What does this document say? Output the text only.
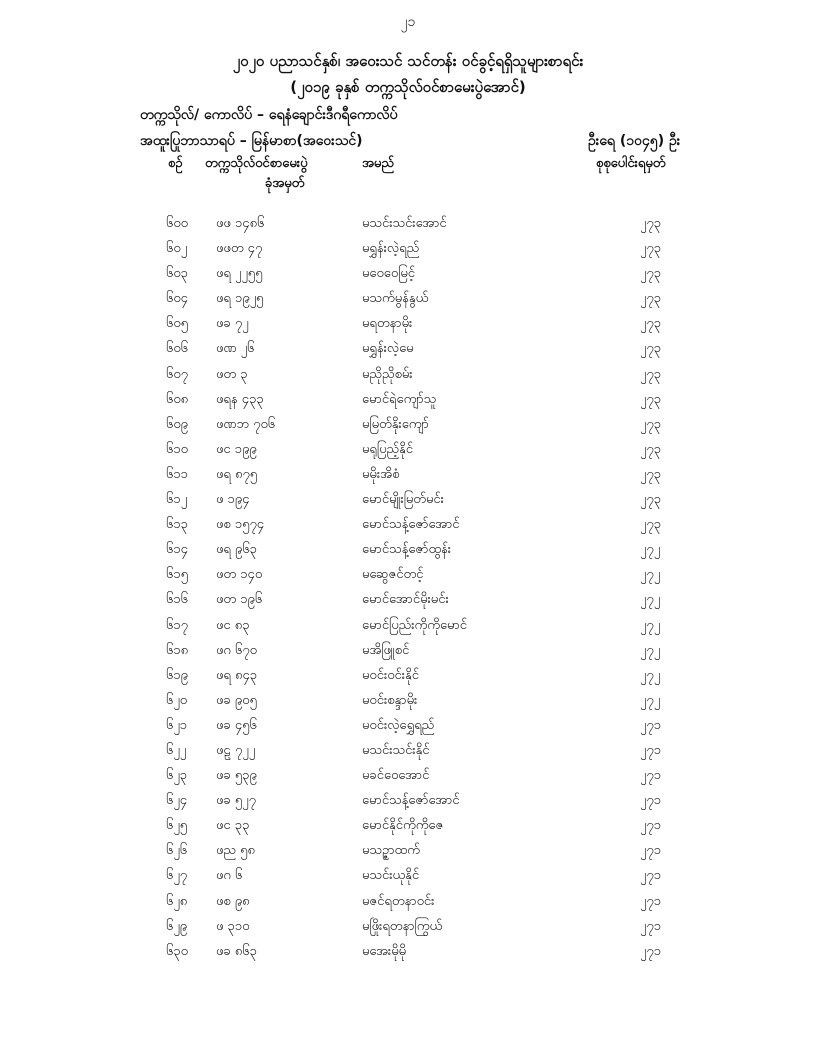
၂၁
၂၀၂၀ ပညာသင်နှစ်၊ အဝေးသင် သင်တန်း ဝင်ခွင့်ရရှိသူများစာရင်း
(၂၀၁၉ ခုနှစ် တက္ကသိုလ်ဝင်စာမေးပွဲအောင်)
တက္ကသိုလ်/ ကောလိပ် – ရေနံချောင်းဒီဂရီကောလိပ်
အထူးပြုဘာသာရပ် – မြန်မာစာ(အဝေးသင်)	ဦးရေ (၁၀၄၅) ဦး
စဉ် တက္ကသိုလ်ဝင်စာမေးပွဲ
ခုံအမှတ်
အမည်	စုစုပေါင်းရမှတ်
၆၀၀ ဖဖ ၁၄၈၆	မသင်းသင်းအောင်	၂၇၃
၆၀၂ ဖဖတ ၄၇	မရွှန်းလဲ့ရည်	၂၇၃
၆၀၃ ဖရ ၂၂၅၅	မဝေဝေမြင့်	၂၇၃
၆၀၄ ဖရ ၁၉၂၅	မသက်မွန်နွယ်	၂၇၃
၆၀၅ ဖခ ၇၂	မရတနာမိုး	၂၇၃
၆၀၆ ဖဏ ၂၆	မရွှန်းလဲ့မေ	၂၇၃
၆၀၇ ဖတ ၃	မညိုညိုစမ်း	၂၇၃
၆၀၈ ဖရန ၄၃၃	မောင်ရဲကျော်သူ	၂၇၃
၆၀၉ ဖဏဘ ၇၀၆	မမြတ်နိုးကျော်	၂၇၃
၆၁၀ ဖင ၁၉၉	မရုပြည့်နိုင်	၂၇၃
၆၁၁ ဖရ ၈၇၅	မမိုးအိစံ	၂၇၃
၆၁၂ ဖ ၁၉၄	မောင်မျိုးမြတ်မင်း	၂၇၃
၆၁၃ ဖစ ၁၅၇၄	မောင်သန့်ဇော်အောင်	၂၇၃
၆၁၄ ဖရ ၉၆၃	မောင်သန့်ဇော်ထွန်း	၂၇၂
၆၁၅ ဖတ ၁၄၀	မဆွေဇင်တင့်	၂၇၂
၆၁၆ ဖတ ၁၉၆	မောင်အောင်မိုးမင်း	၂၇၂
၆၁၇ ဖင ၈၃	မောင်ပြည်းကိုကိုမောင်	၂၇၂
၆၁၈ ဖဂ ၆၇၀	မအိဖြူစင်	၂၇၂
၆၁၉ ဖရ ၈၄၃	မဝင်းဝင်းနိုင်	၂၇၂
၆၂၀ ဖခ ၉၀၅	မဝင်းစန္ဒာမိုး	၂၇၂
၆၂၁ ဖခ ၄၅၆	မဝင်းလဲ့ရွှေရည်	၂၇၁
၆၂၂ ဖဠ ၇၂၂	မသင်းသင်းနိုင်	၂၇၁
၆၂၃ ဖခ ၅၃၉	မခင်ဝေအောင်	၂၇၁
၆၂၄ ဖခ ၅၂၇	မောင်သန့်ဇော်အောင်	၂၇၁
၆၂၅ ဖင ၃၃	မောင်နိုင်ကိုကိုဇေ	၂၇၁
၆၂၆ ဖည ၅၈	မသဉ္ဇာထက်	၂၇၁
၆၂၇ ဖဂ ၆	မသင်းယုနိုင်	၂၇၁
၆၂၈ ဖစ ၉၈	မဇင်ရတနာဝင်း	၂၇၁
၆၂၉ ဖ ၃၁၀	မဖြိုးရတနာကြွယ်	၂၇၁
၆၃၀ ဖခ ၈၆၃	မအေးမိုမို	၂၇၁
